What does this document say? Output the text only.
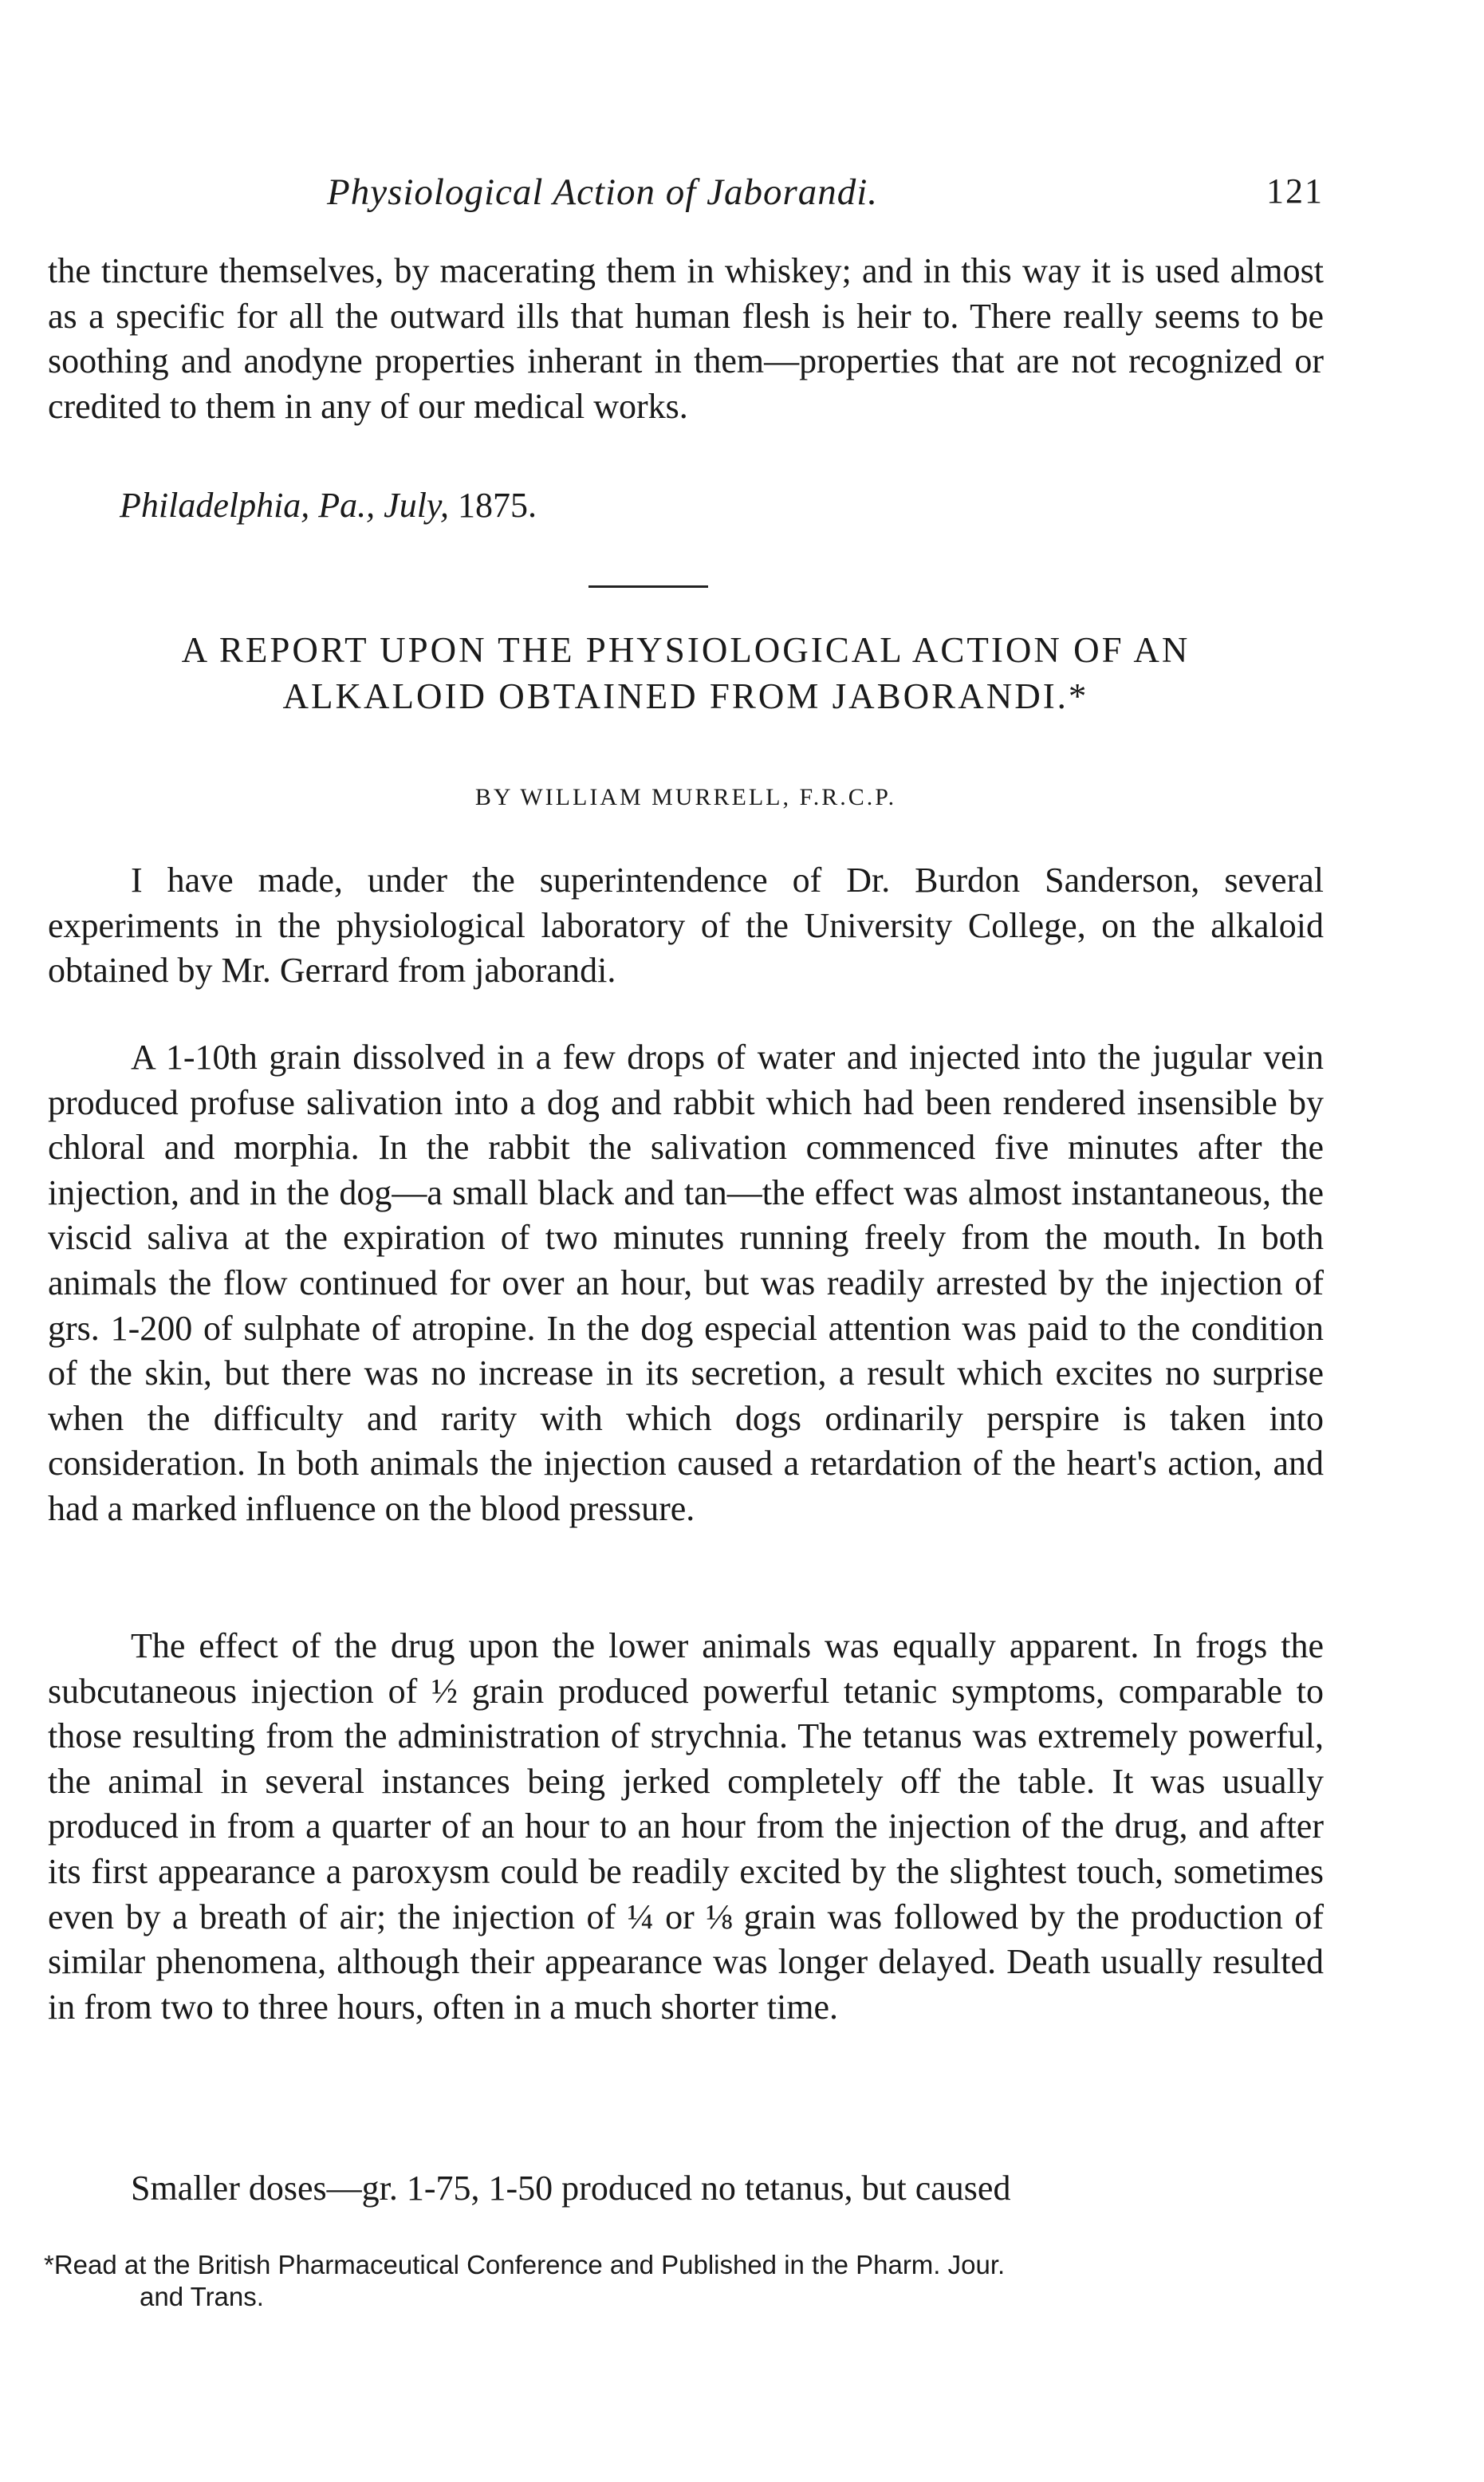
Physiological Action of Jaborandi.	121

the tincture themselves, by macerating them in whiskey; and in this way it is used almost as a specific for all the outward ills that human flesh is heir to. There really seems to be soothing and anodyne properties inherant in them—properties that are not recognized or credited to them in any of our medical works.

Philadelphia, Pa., July, 1875.
A REPORT UPON THE PHYSIOLOGICAL ACTION OF AN
ALKALOID OBTAINED FROM JABORANDI.*
BY WILLIAM MURRELL, F.R.C.P.

I have made, under the superintendence of Dr. Burdon Sanderson, several experiments in the physiological laboratory of the University College, on the alkaloid obtained by Mr. Gerrard from jaborandi.

A 1-10th grain dissolved in a few drops of water and injected into the jugular vein produced profuse salivation into a dog and rabbit which had been rendered insensible by chloral and morphia. In the rabbit the salivation commenced five minutes after the injection, and in the dog—a small black and tan—the effect was almost instantaneous, the viscid saliva at the expiration of two minutes running freely from the mouth. In both animals the flow continued for over an hour, but was readily arrested by the injection of grs. 1-200 of sulphate of atropine. In the dog especial attention was paid to the condition of the skin, but there was no increase in its secretion, a result which excites no surprise when the difficulty and rarity with which dogs ordinarily perspire is taken into consideration. In both animals the injection caused a retardation of the heart's action, and had a marked influence on the blood pressure.

The effect of the drug upon the lower animals was equally apparent. In frogs the subcutaneous injection of ½ grain produced powerful tetanic symptoms, comparable to those resulting from the administration of strychnia. The tetanus was extremely powerful, the animal in several instances being jerked completely off the table. It was usually produced in from a quarter of an hour to an hour from the injection of the drug, and after its first appearance a paroxysm could be readily excited by the slightest touch, sometimes even by a breath of air; the injection of ¼ or ⅛ grain was followed by the production of similar phenomena, although their appearance was longer delayed. Death usually resulted in from two to three hours, often in a much shorter time.

Smaller doses—gr. 1-75, 1-50 produced no tetanus, but caused

*Read at the British Pharmaceutical Conference and Published in the Pharm. Jour.
and Trans.
